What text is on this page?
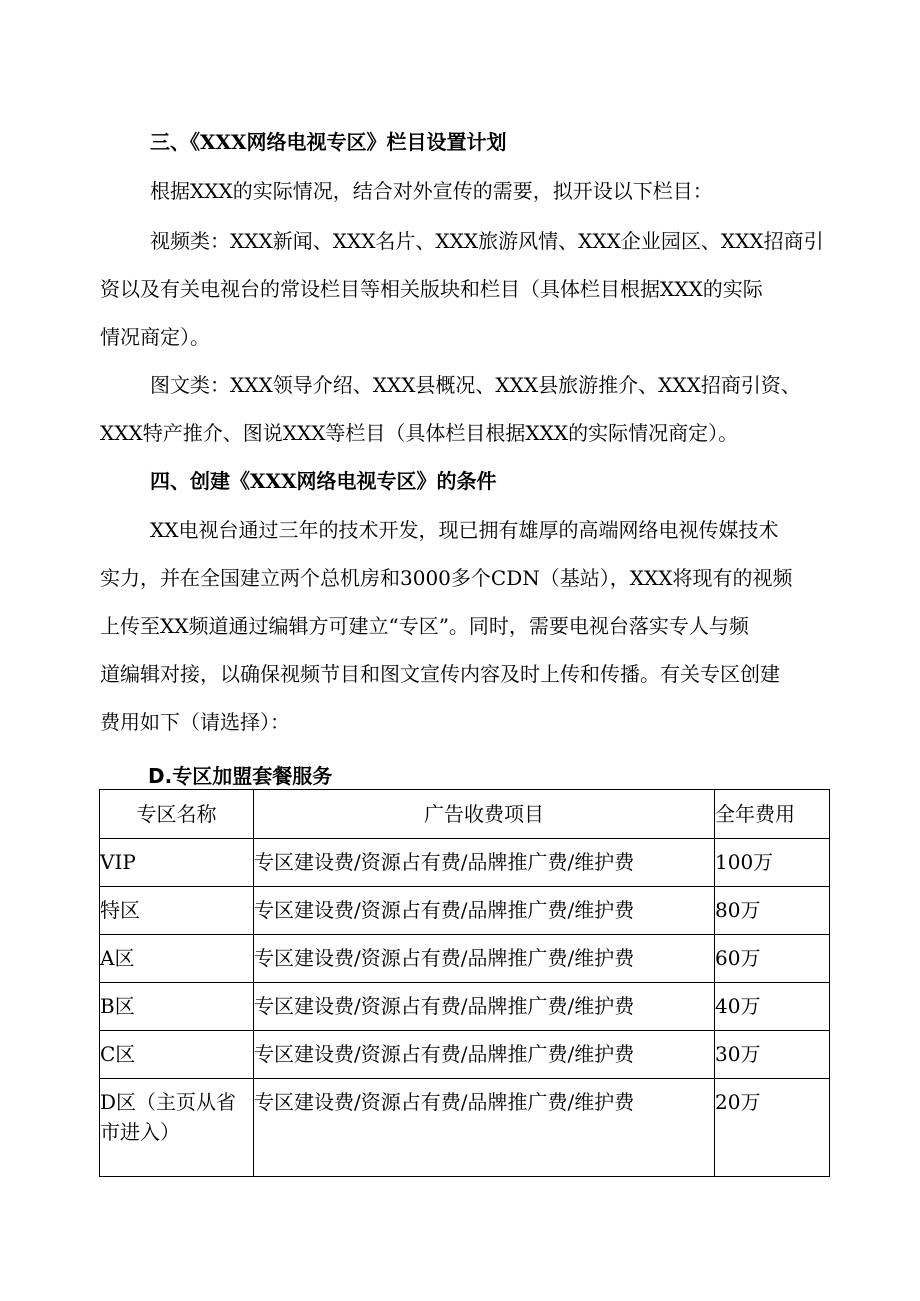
三、《XXX网络电视专区》栏目设置计划
根据XXX的实际情况，结合对外宣传的需要，拟开设以下栏目：
视频类：XXX新闻、XXX名片、XXX旅游风情、XXX企业园区、XXX招商引
资以及有关电视台的常设栏目等相关版块和栏目（具体栏目根据XXX的实际
情况商定）。
图文类：XXX领导介绍、XXX县概况、XXX县旅游推介、XXX招商引资、
XXX特产推介、图说XXX等栏目（具体栏目根据XXX的实际情况商定）。
四、创建《XXX网络电视专区》的条件
XX电视台通过三年的技术开发，现已拥有雄厚的高端网络电视传媒技术
实力，并在全国建立两个总机房和3000多个CDN（基站），XXX将现有的视频
上传至XX频道通过编辑方可建立“专区”。同时，需要电视台落实专人与频
道编辑对接，以确保视频节目和图文宣传内容及时上传和传播。有关专区创建
费用如下（请选择）：
D.专区加盟套餐服务
专区名称	广告收费项目	全年费用
VIP	专区建设费/资源占有费/品牌推广费/维护费	100万
特区	专区建设费/资源占有费/品牌推广费/维护费	80万
A区	专区建设费/资源占有费/品牌推广费/维护费	60万
B区	专区建设费/资源占有费/品牌推广费/维护费	40万
C区	专区建设费/资源占有费/品牌推广费/维护费	30万
D区（主页从省市进入）	专区建设费/资源占有费/品牌推广费/维护费	20万
